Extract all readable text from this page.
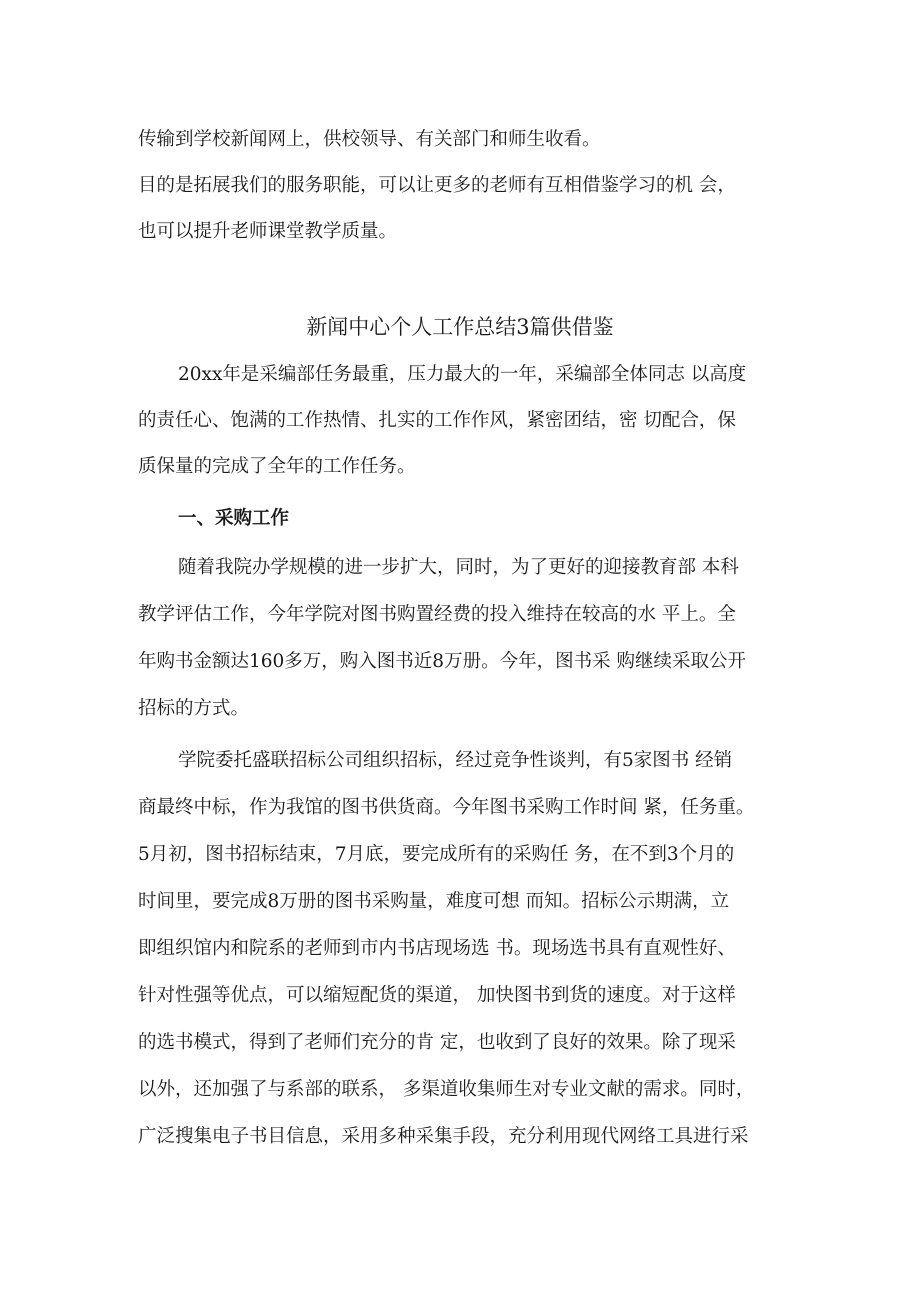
传输到学校新闻网上，供校领导、有关部门和师生收看。
目的是拓展我们的服务职能，可以让更多的老师有互相借鉴学习的机 会，
也可以提升老师课堂教学质量。
新闻中心个人工作总结3篇供借鉴
20xx年是采编部任务最重，压力最大的一年，采编部全体同志 以高度
的责任心、饱满的工作热情、扎实的工作作风，紧密团结，密 切配合，保
质保量的完成了全年的工作任务。
一、采购工作
随着我院办学规模的进一步扩大，同时，为了更好的迎接教育部 本科
教学评估工作，今年学院对图书购置经费的投入维持在较高的水 平上。全
年购书金额达160多万，购入图书近8万册。今年，图书采 购继续采取公开
招标的方式。
学院委托盛联招标公司组织招标，经过竞争性谈判，有5家图书 经销
商最终中标，作为我馆的图书供货商。今年图书采购工作时间 紧，任务重。
5月初，图书招标结束，7月底，要完成所有的采购任 务，在不到3个月的
时间里，要完成8万册的图书采购量，难度可想 而知。招标公示期满，立
即组织馆内和院系的老师到市内书店现场选 书。现场选书具有直观性好、
针对性强等优点，可以缩短配货的渠道， 加快图书到货的速度。对于这样
的选书模式，得到了老师们充分的肯 定，也收到了良好的效果。除了现采
以外，还加强了与系部的联系， 多渠道收集师生对专业文献的需求。同时，
广泛搜集电子书目信息，采用多种采集手段，充分利用现代网络工具进行采
